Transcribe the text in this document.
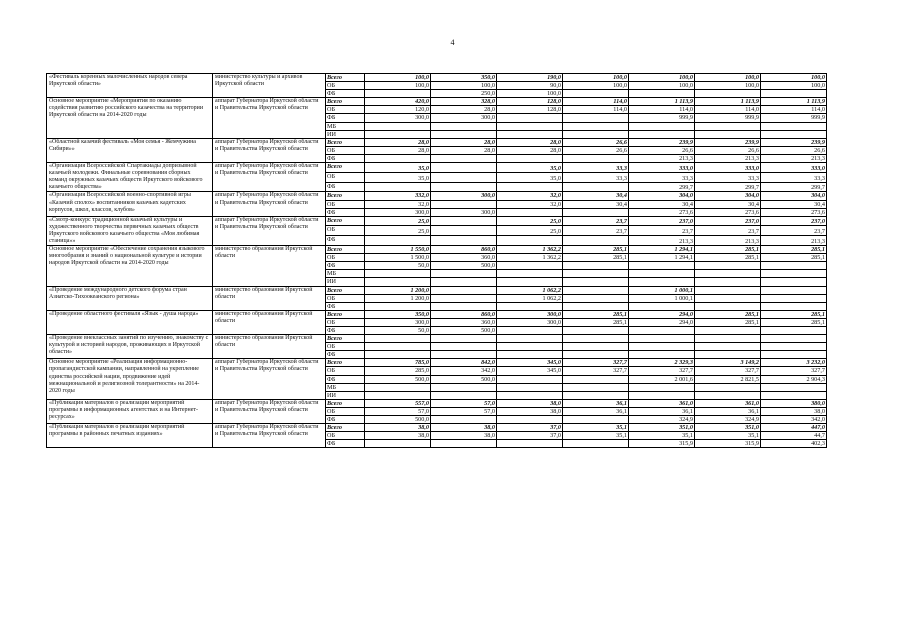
4
«Фестиваль коренных малочисленных народов севера Иркутской области»	министерство культуры и архивов Иркутской области	Всего	100,0	350,0	190,0	100,0	100,0	100,0	100,0
		ОБ	100,0	100,0	90,0	100,0	100,0	100,0	100,0
		ФБ		250,0	100,0				
Основное мероприятие «Мероприятия по оказанию содействия развитию российского казачества на территории Иркутской области на 2014-2020 годы	аппарат Губернатора Иркутской области и Правительства Иркутской области	Всего	420,0	328,0	128,0	114,0	1 113,9	1 113,9	1 113,9
		ОБ	120,0	28,0	128,0	114,0	114,0	114,0	114,0
		ФБ	300,0	300,0			999,9	999,9	999,9
		МБ							
		ИИ							
«Областной казачий фестиваль «Моя семья - Жемчужина Сибири»»	аппарат Губернатора Иркутской области и Правительства Иркутской области	Всего	28,0	28,0	28,0	26,6	239,9	239,9	239,9
		ОБ	28,0	28,0	28,0	26,6	26,6	26,6	26,6
		ФБ					213,3	213,3	213,3
«Организация Всероссийской Спартакиады допризывной казачьей молодежи. Финальные соревнования сборных команд окружных казачьих обществ Иркутского войскового казачьего общества»	аппарат Губернатора Иркутской области и Правительства Иркутской области	Всего	35,0		35,0	33,3	333,0	333,0	333,0
		ОБ	35,0		35,0	33,3	33,3	33,3	33,3
		ФБ					299,7	299,7	299,7
«Организация Всероссийской военно-спортивной игры «Казачий сполох» воспитанников казачьих кадетских корпусов, школ, классов, клубов»	аппарат Губернатора Иркутской области и Правительства Иркутской области	Всего	332,0	300,0	32,0	30,4	304,0	304,0	304,0
		ОБ	32,0		32,0	30,4	30,4	30,4	30,4
		ФБ	300,0	300,0			273,6	273,6	273,6
«Смотр-конкурс традиционной казачьей культуры и художественного творчества первичных казачьих обществ Иркутского войскового казачьего общества «Моя любимая станица»»	аппарат Губернатора Иркутской области и Правительства Иркутской области	Всего	25,0		25,0	23,7	237,0	237,0	237,0
		ОБ	25,0		25,0	23,7	23,7	23,7	23,7
		ФБ					213,3	213,3	213,3
Основное мероприятие «Обеспечение сохранения языкового многообразия и знаний о национальной культуре и истории народов Иркутской области на 2014-2020 годы	министерство образования Иркутской области	Всего	1 550,0	860,0	1 362,2	285,1	1 294,1	285,1	285,1
		ОБ	1 500,0	360,0	1 362,2	285,1	1 294,1	285,1	285,1
		ФБ	50,0	500,0					
		МБ							
		ИИ							
«Проведение международного детского форума стран Азиатско-Тихоокеанского региона»	министерство образования Иркутской области	Всего	1 200,0		1 062,2		1 000,1		
		ОБ	1 200,0		1 062,2		1 000,1		
		ФБ							
«Проведение областного фестиваля «Язык - душа народа»	министерство образования Иркутской области	Всего	350,0	860,0	300,0	285,1	294,0	285,1	285,1
		ОБ	300,0	360,0	300,0	285,1	294,0	285,1	285,1
		ФБ	50,0	500,0					
«Проведение внеклассных занятий по изучению, знакомству с культурой и историей народов, проживающих в Иркутской области»	министерство образования Иркутской области	Всего							
		ОБ							
		ФБ							
Основное мероприятие «Реализация информационно-пропагандистской кампании, направленной на укрепление единства российской нации, продвижение идей межнациональной и религиозной толерантности» на 2014-2020 годы	аппарат Губернатора Иркутской области и Правительства Иркутской области	Всего	785,0	842,0	345,0	327,7	2 329,3	3 149,2	3 232,0
		ОБ	285,0	342,0	345,0	327,7	327,7	327,7	327,7
		ФБ	500,0	500,0			2 001,6	2 821,5	2 904,3
		МБ							
		ИИ							
«Публикация материалов о реализации мероприятий программы в информационных агентствах и на Интернет-ресурсах»	аппарат Губернатора Иркутской области и Правительства Иркутской области	Всего	557,0	57,0	38,0	36,1	361,0	361,0	380,0
		ОБ	57,0	57,0	38,0	36,1	36,1	36,1	38,0
		ФБ	500,0				324,9	324,9	342,0
«Публикация материалов о реализации мероприятий программы в районных печатных изданиях»	аппарат Губернатора Иркутской области и Правительства Иркутской области	Всего	38,0	38,0	37,0	35,1	351,0	351,0	447,0
		ОБ	38,0	38,0	37,0	35,1	35,1	35,1	44,7
		ФБ					315,9	315,9	402,3
